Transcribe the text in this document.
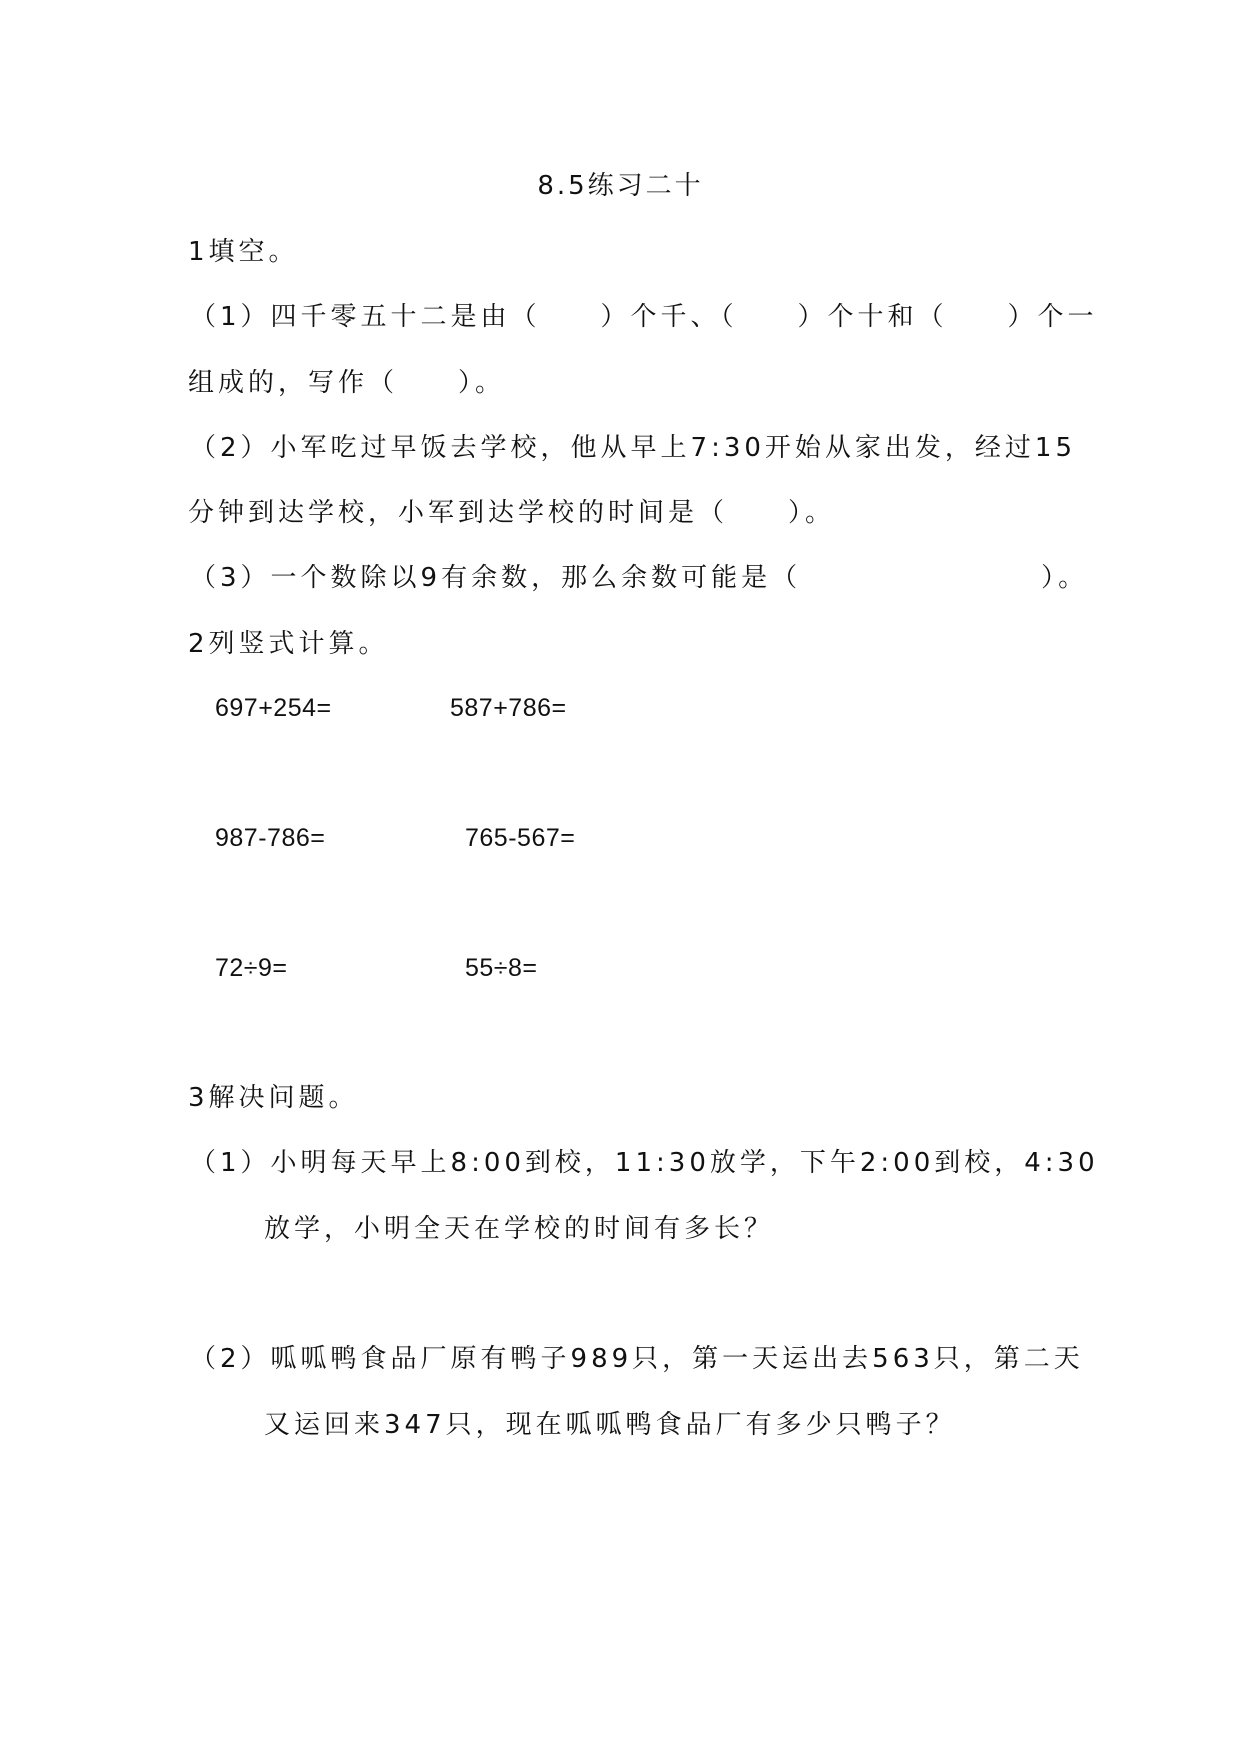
8.5练习二十
1填空。
（1）四千零五十二是由（　　）个千、（　　）个十和（　　）个一
组成的，写作（　　）。
（2）小军吃过早饭去学校，他从早上7:30开始从家出发，经过15
分钟到达学校，小军到达学校的时间是（　　）。
（3）一个数除以9有余数，那么余数可能是（　　　　　　　　）。
2列竖式计算。
697+254=	587+786=
987-786=	765-567=
72÷9=	55÷8=
3解决问题。
（1）小明每天早上8:00到校，11:30放学，下午2:00到校，4:30
放学，小明全天在学校的时间有多长？
（2）呱呱鸭食品厂原有鸭子989只，第一天运出去563只，第二天
又运回来347只，现在呱呱鸭食品厂有多少只鸭子？
